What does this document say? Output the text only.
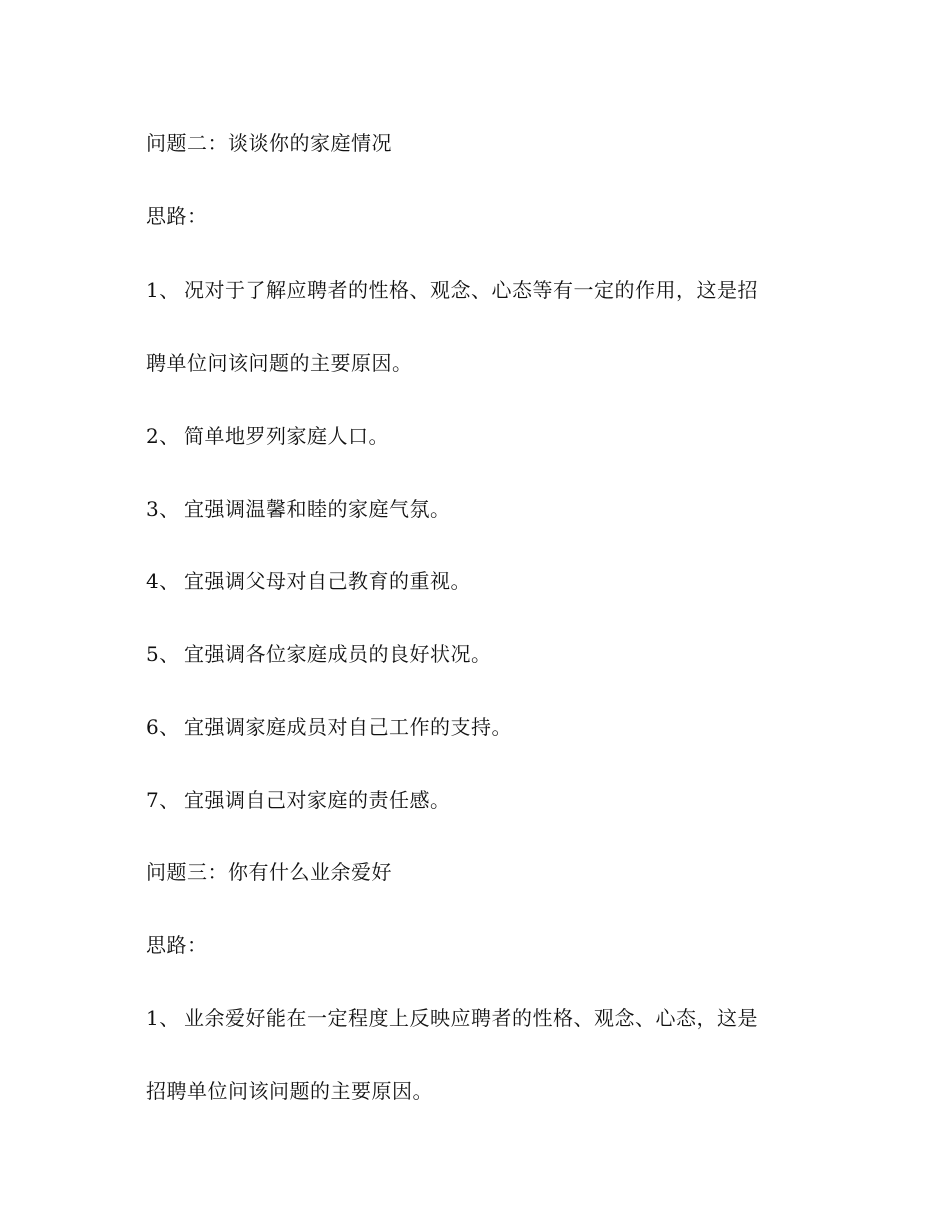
问题二：谈谈你的家庭情况
思路：
1、 况对于了解应聘者的性格、观念、心态等有一定的作用，这是招
聘单位问该问题的主要原因。
2、 简单地罗列家庭人口。
3、 宜强调温馨和睦的家庭气氛。
4、 宜强调父母对自己教育的重视。
5、 宜强调各位家庭成员的良好状况。
6、 宜强调家庭成员对自己工作的支持。
7、 宜强调自己对家庭的责任感。
问题三：你有什么业余爱好
思路：
1、 业余爱好能在一定程度上反映应聘者的性格、观念、心态，这是
招聘单位问该问题的主要原因。
